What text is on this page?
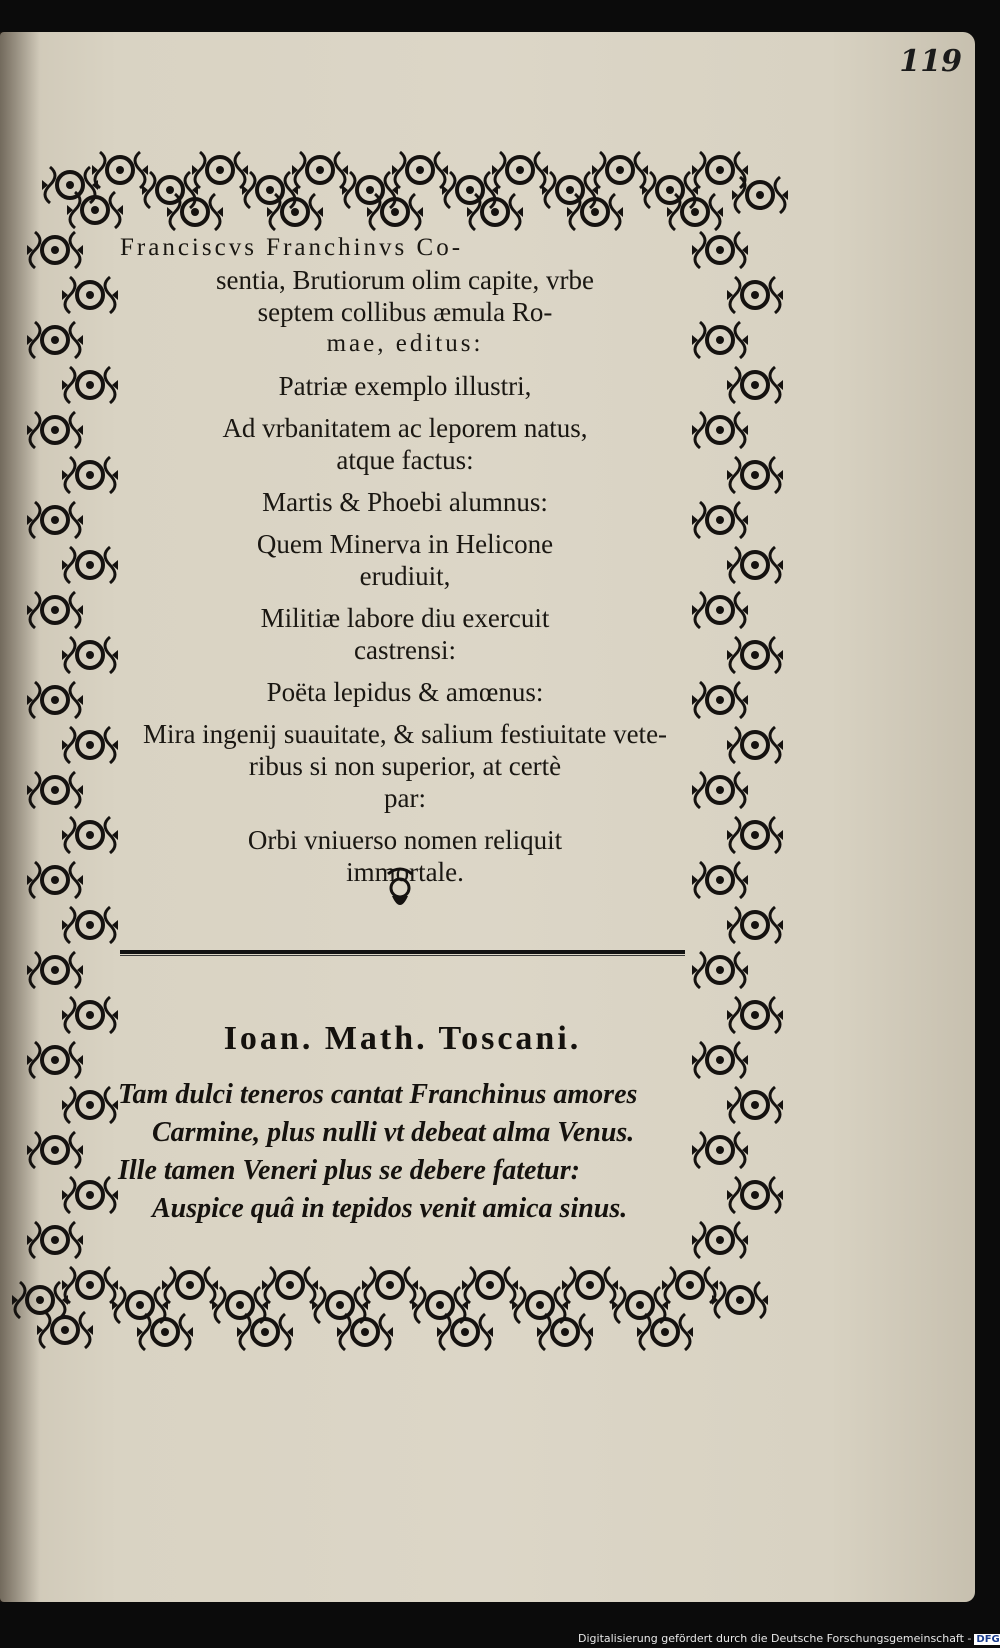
119
Franciscvs Franchinvs Co-
sentia, Brutiorum olim capite, vrbe
septem collibus æmula Ro-
mae, editus:
Patriæ exemplo illustri,
Ad vrbanitatem ac leporem natus,
atque factus:
Martis & Phoebi alumnus:
Quem Minerva in Helicone
erudiuit,
Militiæ labore diu exercuit
castrensi:
Poëta lepidus & amœnus:
Mira ingenij suauitate, & salium festiuitate vete-
ribus si non superior, at certè
par:
Orbi vniuerso nomen reliquit
immortale.
Ioan. Math. Toscani.
Tam dulci teneros cantat Franchinus amores
Carmine, plus nulli vt debeat alma Venus.
Ille tamen Veneri plus se debere fatetur:
Auspice quâ in tepidos venit amica sinus.
Digitalisierung gefördert durch die Deutsche Forschungsgemeinschaft - DFG
